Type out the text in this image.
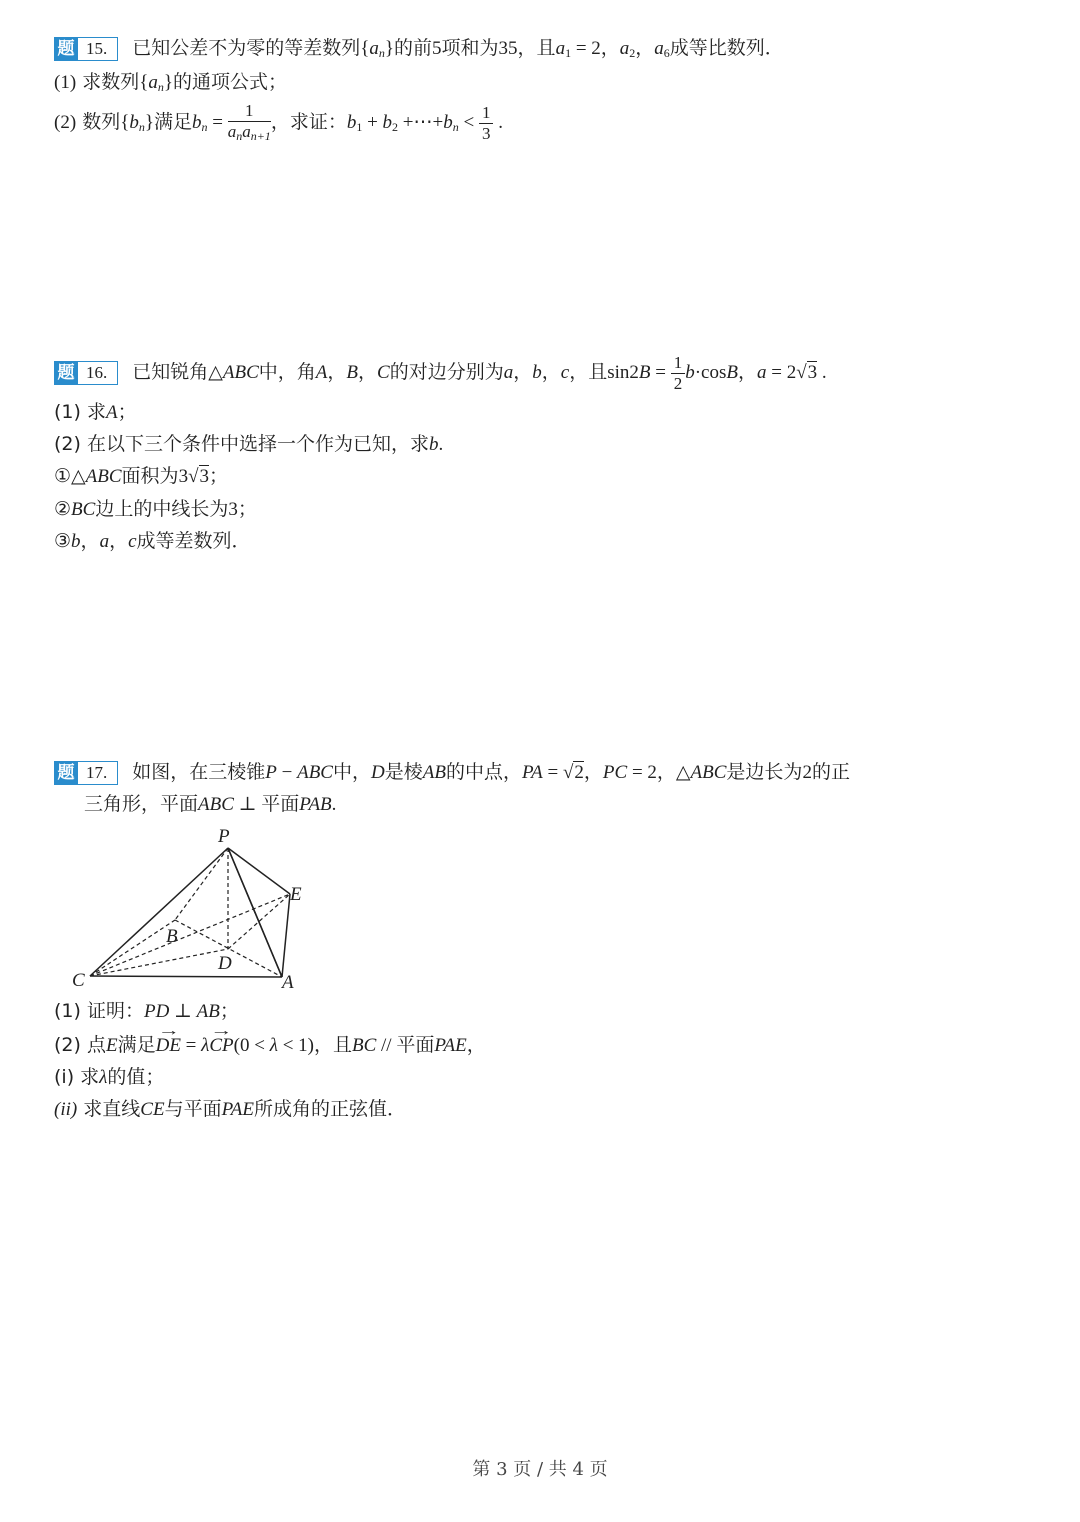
题 15.	已知公差不为零的等差数列$\{a_n\}$的前5项和为35，且$a_1 = 2$，$a_2$，$a_6$成等比数列．
(1) 求数列$\{a_n\}$的通项公式；
(2) 数列$\{b_n\}$满足$b_n = \frac{1}{a_na_{n+1}}$ ，求证：$b_1 + b_2$ $+\cdots+b_n < \frac{1}{3}$ .
题 16.	已知锐角△ABC中，角A，B，C的对边分别为a，b，c，且$\sin 2B = \frac{1}{2} b\cdot\cos B$，a = 2√3 .
(1) 求A；
(2) 在以下三个条件中选择一个作为已知，求b.
①△ABC面积为3√3；
②BC边上的中线长为3；
③b，a，c成等差数列．
题 17.	如图，在三棱锥P − ABC中，D是棱AB的中点，PA = √2，PC = 2，△ABC是边长为2的正
三角形，平面ABC ⊥ 平面PAB.
P
E
B
D
C	A
(1) 证明：PD ⊥ AB；
(2) 点E满足→ DE = λ→ CP(0 < λ < 1)，且BC // 平面PAE，
(i) 求λ的值；
(ii) 求直线CE与平面PAE所成角的正弦值．
第 3 页 / 共 4 页
